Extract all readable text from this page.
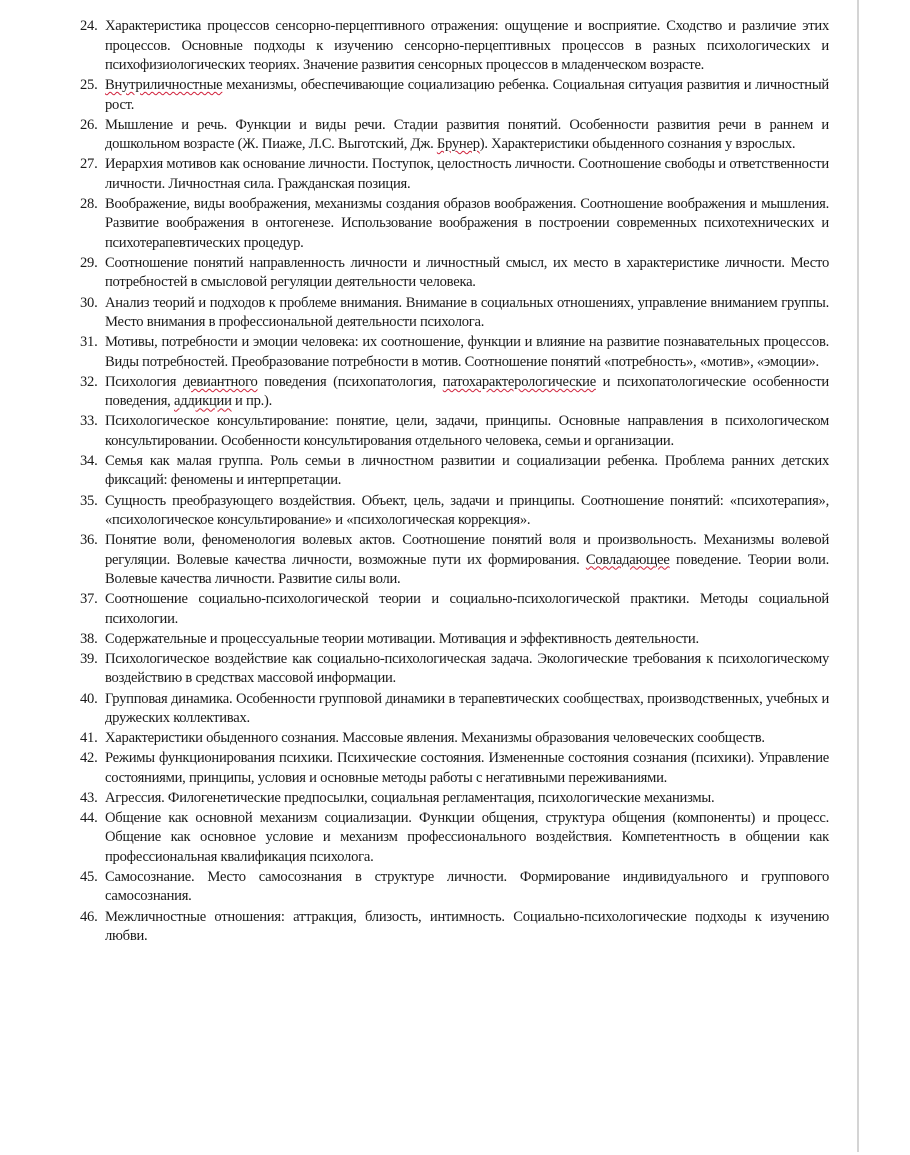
24. Характеристика процессов сенсорно-перцептивного отражения: ощущение и восприятие. Сходство и различие этих процессов. Основные подходы к изучению сенсорно-перцептивных процессов в разных психологических и психофизиологических теориях. Значение развития сенсорных процессов в младенческом возрасте.
25. Внутриличностные механизмы, обеспечивающие социализацию ребенка. Социальная ситуация развития и личностный рост.
26. Мышление и речь. Функции и виды речи. Стадии развития понятий. Особенности развития речи в раннем и дошкольном возрасте (Ж. Пиаже, Л.С. Выготский, Дж. Брунер). Характеристики обыденного сознания у взрослых.
27. Иерархия мотивов как основание личности. Поступок, целостность личности. Соотношение свободы и ответственности личности. Личностная сила. Гражданская позиция.
28. Воображение, виды воображения, механизмы создания образов воображения. Соотношение воображения и мышления. Развитие воображения в онтогенезе. Использование воображения в построении современных психотехнических и психотерапевтических процедур.
29. Соотношение понятий направленность личности и личностный смысл, их место в характеристике личности. Место потребностей в смысловой регуляции деятельности человека.
30. Анализ теорий и подходов к проблеме внимания. Внимание в социальных отношениях, управление вниманием группы. Место внимания в профессиональной деятельности психолога.
31. Мотивы, потребности и эмоции человека: их соотношение, функции и влияние на развитие познавательных процессов. Виды потребностей. Преобразование потребности в мотив. Соотношение понятий «потребность», «мотив», «эмоции».
32. Психология девиантного поведения (психопатология, патохарактерологические и психопатологические особенности поведения, аддикции и пр.).
33. Психологическое консультирование: понятие, цели, задачи, принципы. Основные направления в психологическом консультировании. Особенности консультирования отдельного человека, семьи и организации.
34. Семья как малая группа. Роль семьи в личностном развитии и социализации ребенка. Проблема ранних детских фиксаций: феномены и интерпретации.
35. Сущность преобразующего воздействия. Объект, цель, задачи и принципы. Соотношение понятий: «психотерапия», «психологическое консультирование» и «психологическая коррекция».
36. Понятие воли, феноменология волевых актов. Соотношение понятий воля и произвольность. Механизмы волевой регуляции. Волевые качества личности, возможные пути их формирования. Совладающее поведение. Теории воли. Волевые качества личности. Развитие силы воли.
37. Соотношение социально-психологической теории и социально-психологической практики. Методы социальной психологии.
38. Содержательные и процессуальные теории мотивации. Мотивация и эффективность деятельности.
39. Психологическое воздействие как социально-психологическая задача. Экологические требования к психологическому воздействию в средствах массовой информации.
40. Групповая динамика. Особенности групповой динамики в терапевтических сообществах, производственных, учебных и дружеских коллективах.
41. Характеристики обыденного сознания. Массовые явления. Механизмы образования человеческих сообществ.
42. Режимы функционирования психики. Психические состояния. Измененные состояния сознания (психики). Управление состояниями, принципы, условия и основные методы работы с негативными переживаниями.
43. Агрессия. Филогенетические предпосылки, социальная регламентация, психологические механизмы.
44. Общение как основной механизм социализации. Функции общения, структура общения (компоненты) и процесс. Общение как основное условие и механизм профессионального воздействия. Компетентность в общении как профессиональная квалификация психолога.
45. Самосознание. Место самосознания в структуре личности. Формирование индивидуального и группового самосознания.
46. Межличностные отношения: аттракция, близость, интимность. Социально-психологические подходы к изучению любви.
